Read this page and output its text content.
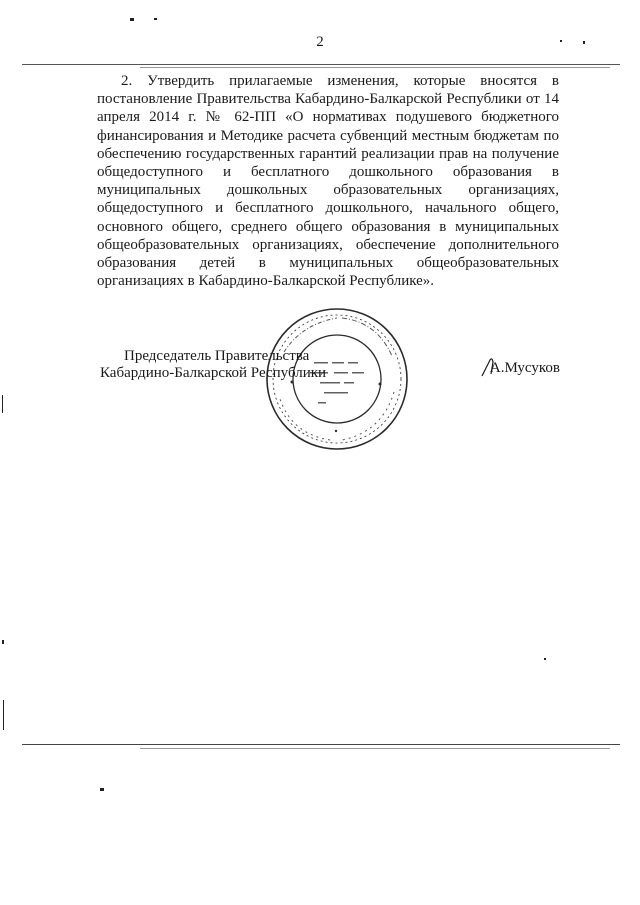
2

2. Утвердить прилагаемые изменения, которые вносятся в постановление Правительства Кабардино-Балкарской Республики от 14 апреля 2014 г. № 62-ПП «О нормативах подушевого бюджетного финансирования и Методике расчета субвенций местным бюджетам по обеспечению государственных гарантий реализации прав на получение общедоступного и бесплатного дошкольного образования в муниципальных дошкольных образовательных организациях, общедоступного и бесплатного дошкольного, начального общего, основного общего, среднего общего образования в муниципальных общеобразовательных организациях, обеспечение дополнительного образования детей в муниципальных общеобразовательных организациях в Кабардино-Балкарской Республике».

Председатель Правительства
Кабардино-Балкарской Республики	А.Мусуков
